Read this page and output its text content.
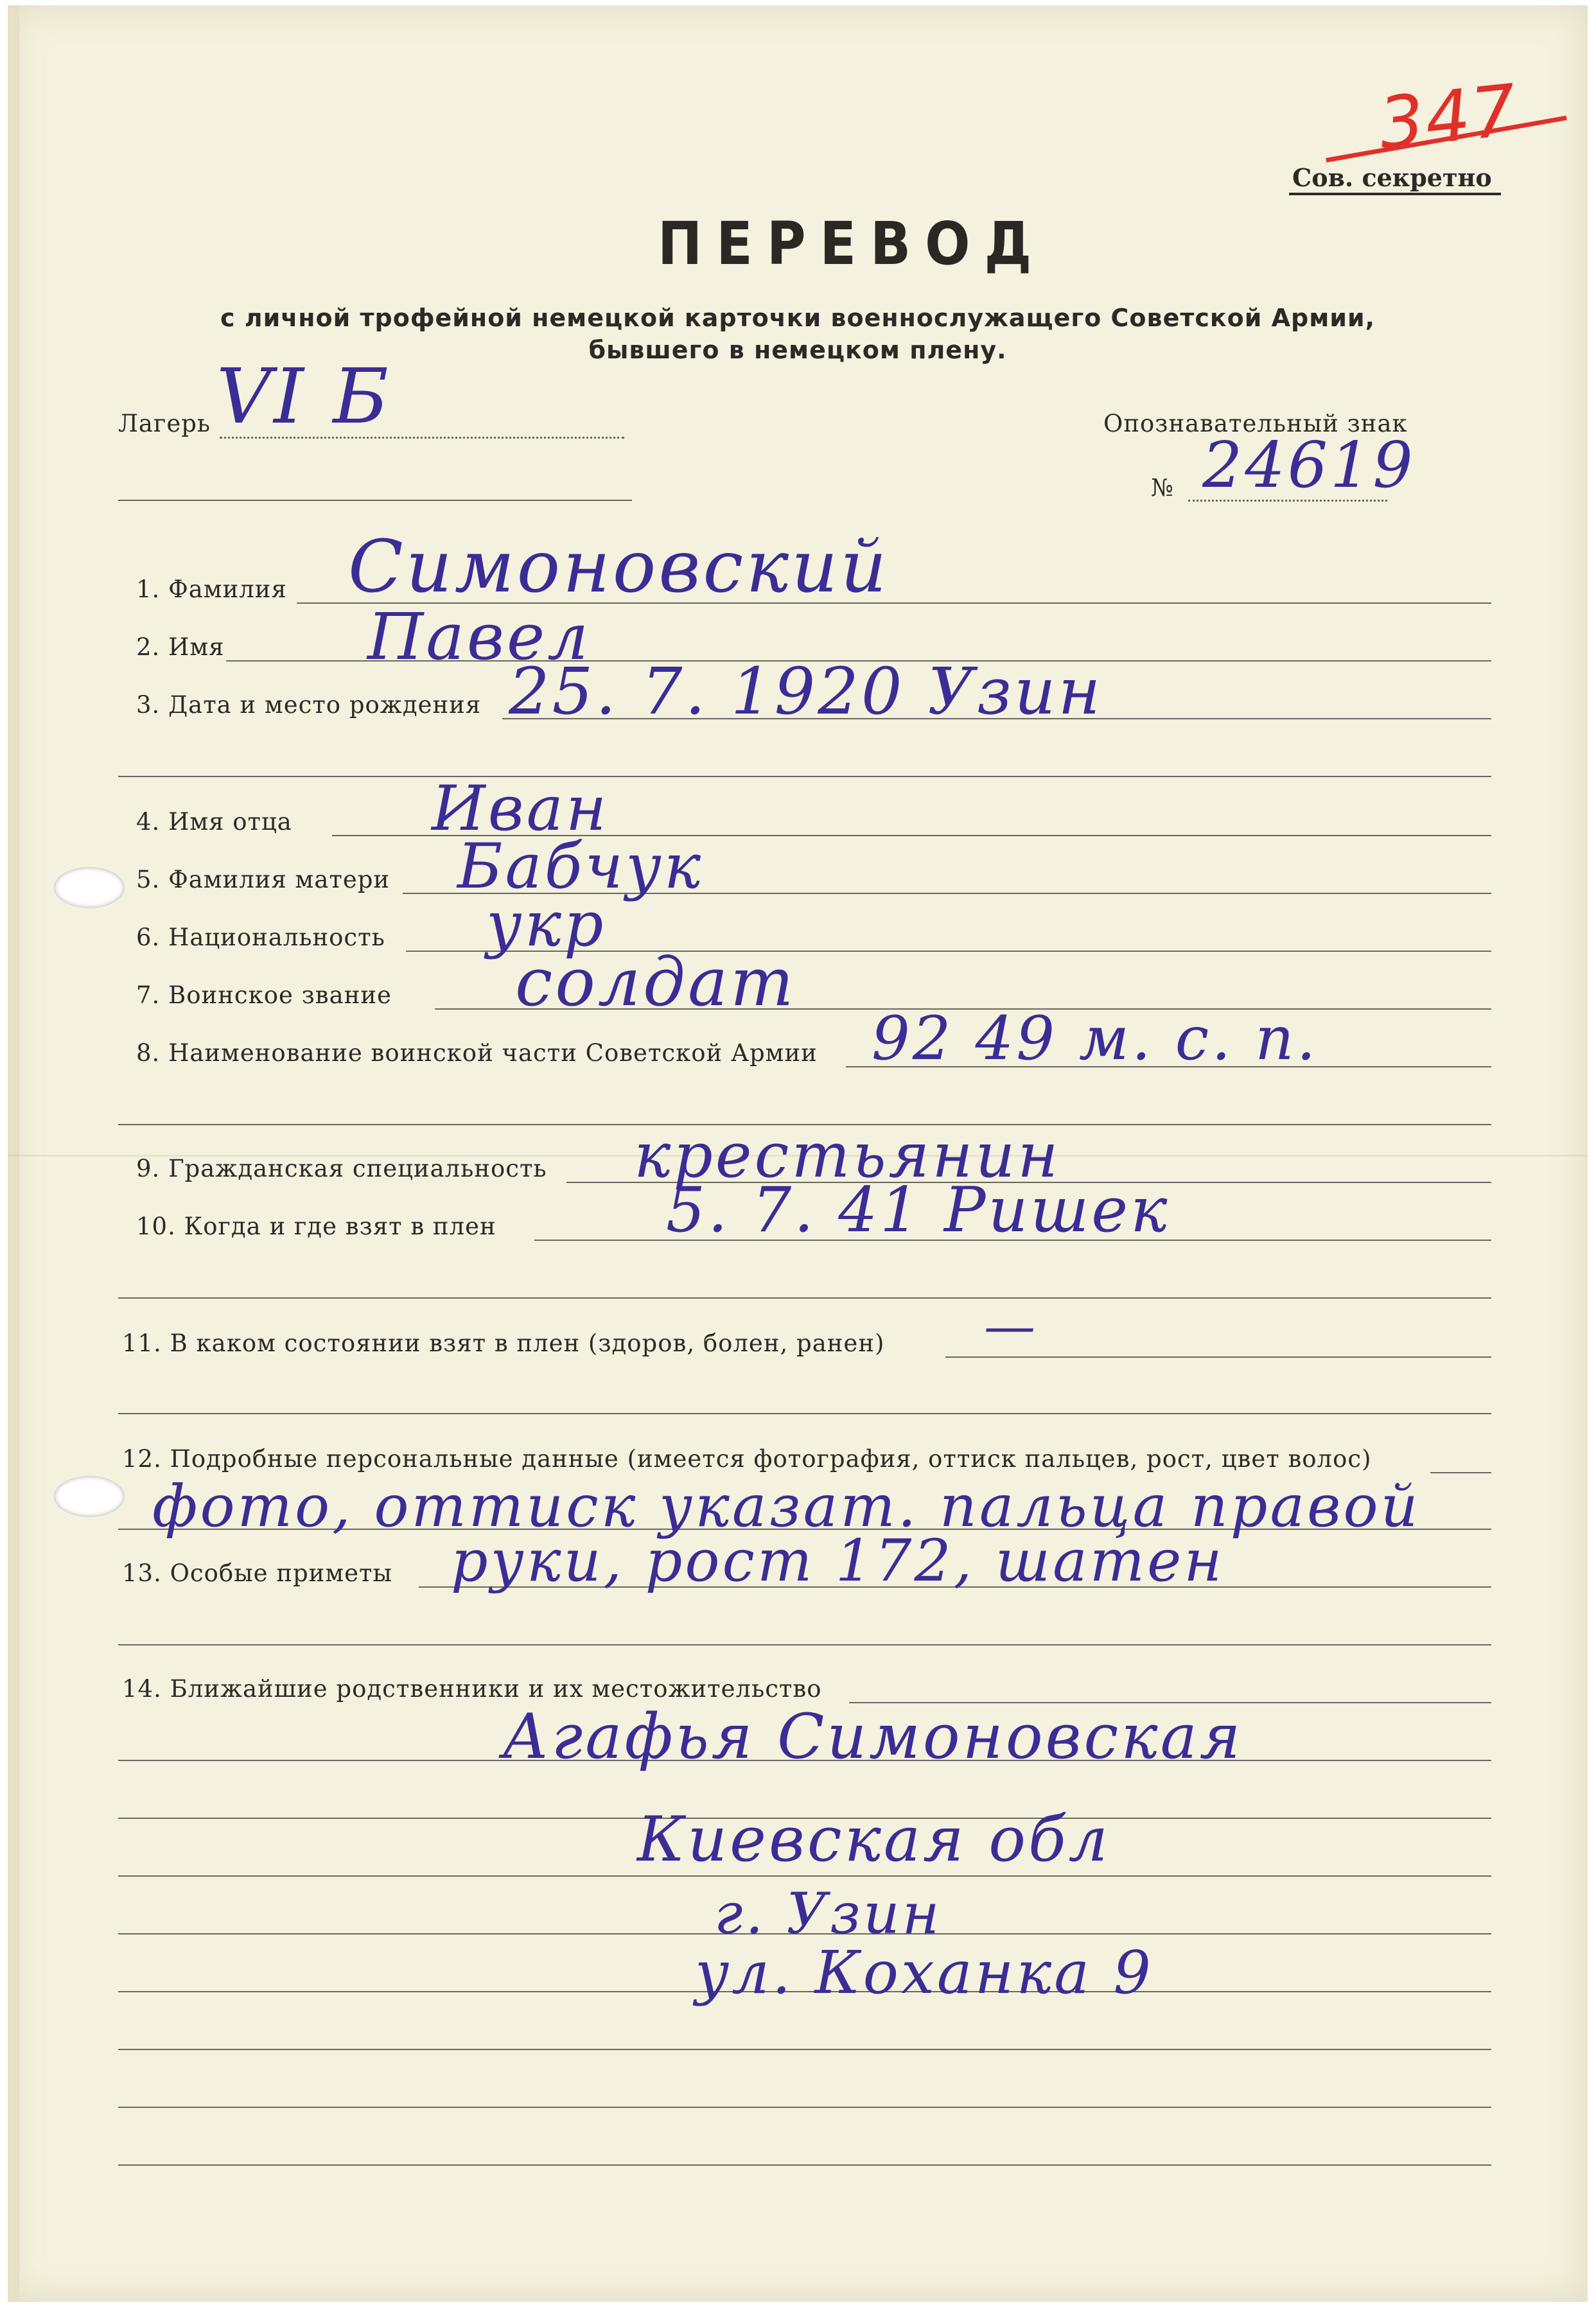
347
Сов. секретно
ПЕРЕВОД
с личной трофейной немецкой карточки военнослужащего Советской Армии,
бывшего в немецком плену.
Лагерь VI Б	Опознавательный знак
№ 24619
1. Фамилия Симоновский
2. Имя Павел
3. Дата и место рождения 25. 7. 1920 Узин
4. Имя отца Иван
5. Фамилия матери Бабчук
6. Национальность укр
7. Воинское звание солдат
8. Наименование воинской части Советской Армии 92 49 м. с. п.
9. Гражданская специальность крестьянин
10. Когда и где взят в плен	5. 7. 41 Ришек
11. В каком состоянии взят в плен (здоров, болен, ранен) —
12. Подробные персональные данные (имеется фотография, оттиск пальцев, рост, цвет волос)
фото, оттиск указат. пальца правой
13. Особые приметы руки, рост 172, шатен
14. Ближайшие родственники и их местожительство
Агафья Симоновская
Киевская обл
г. Узин
ул. Коханка 9
